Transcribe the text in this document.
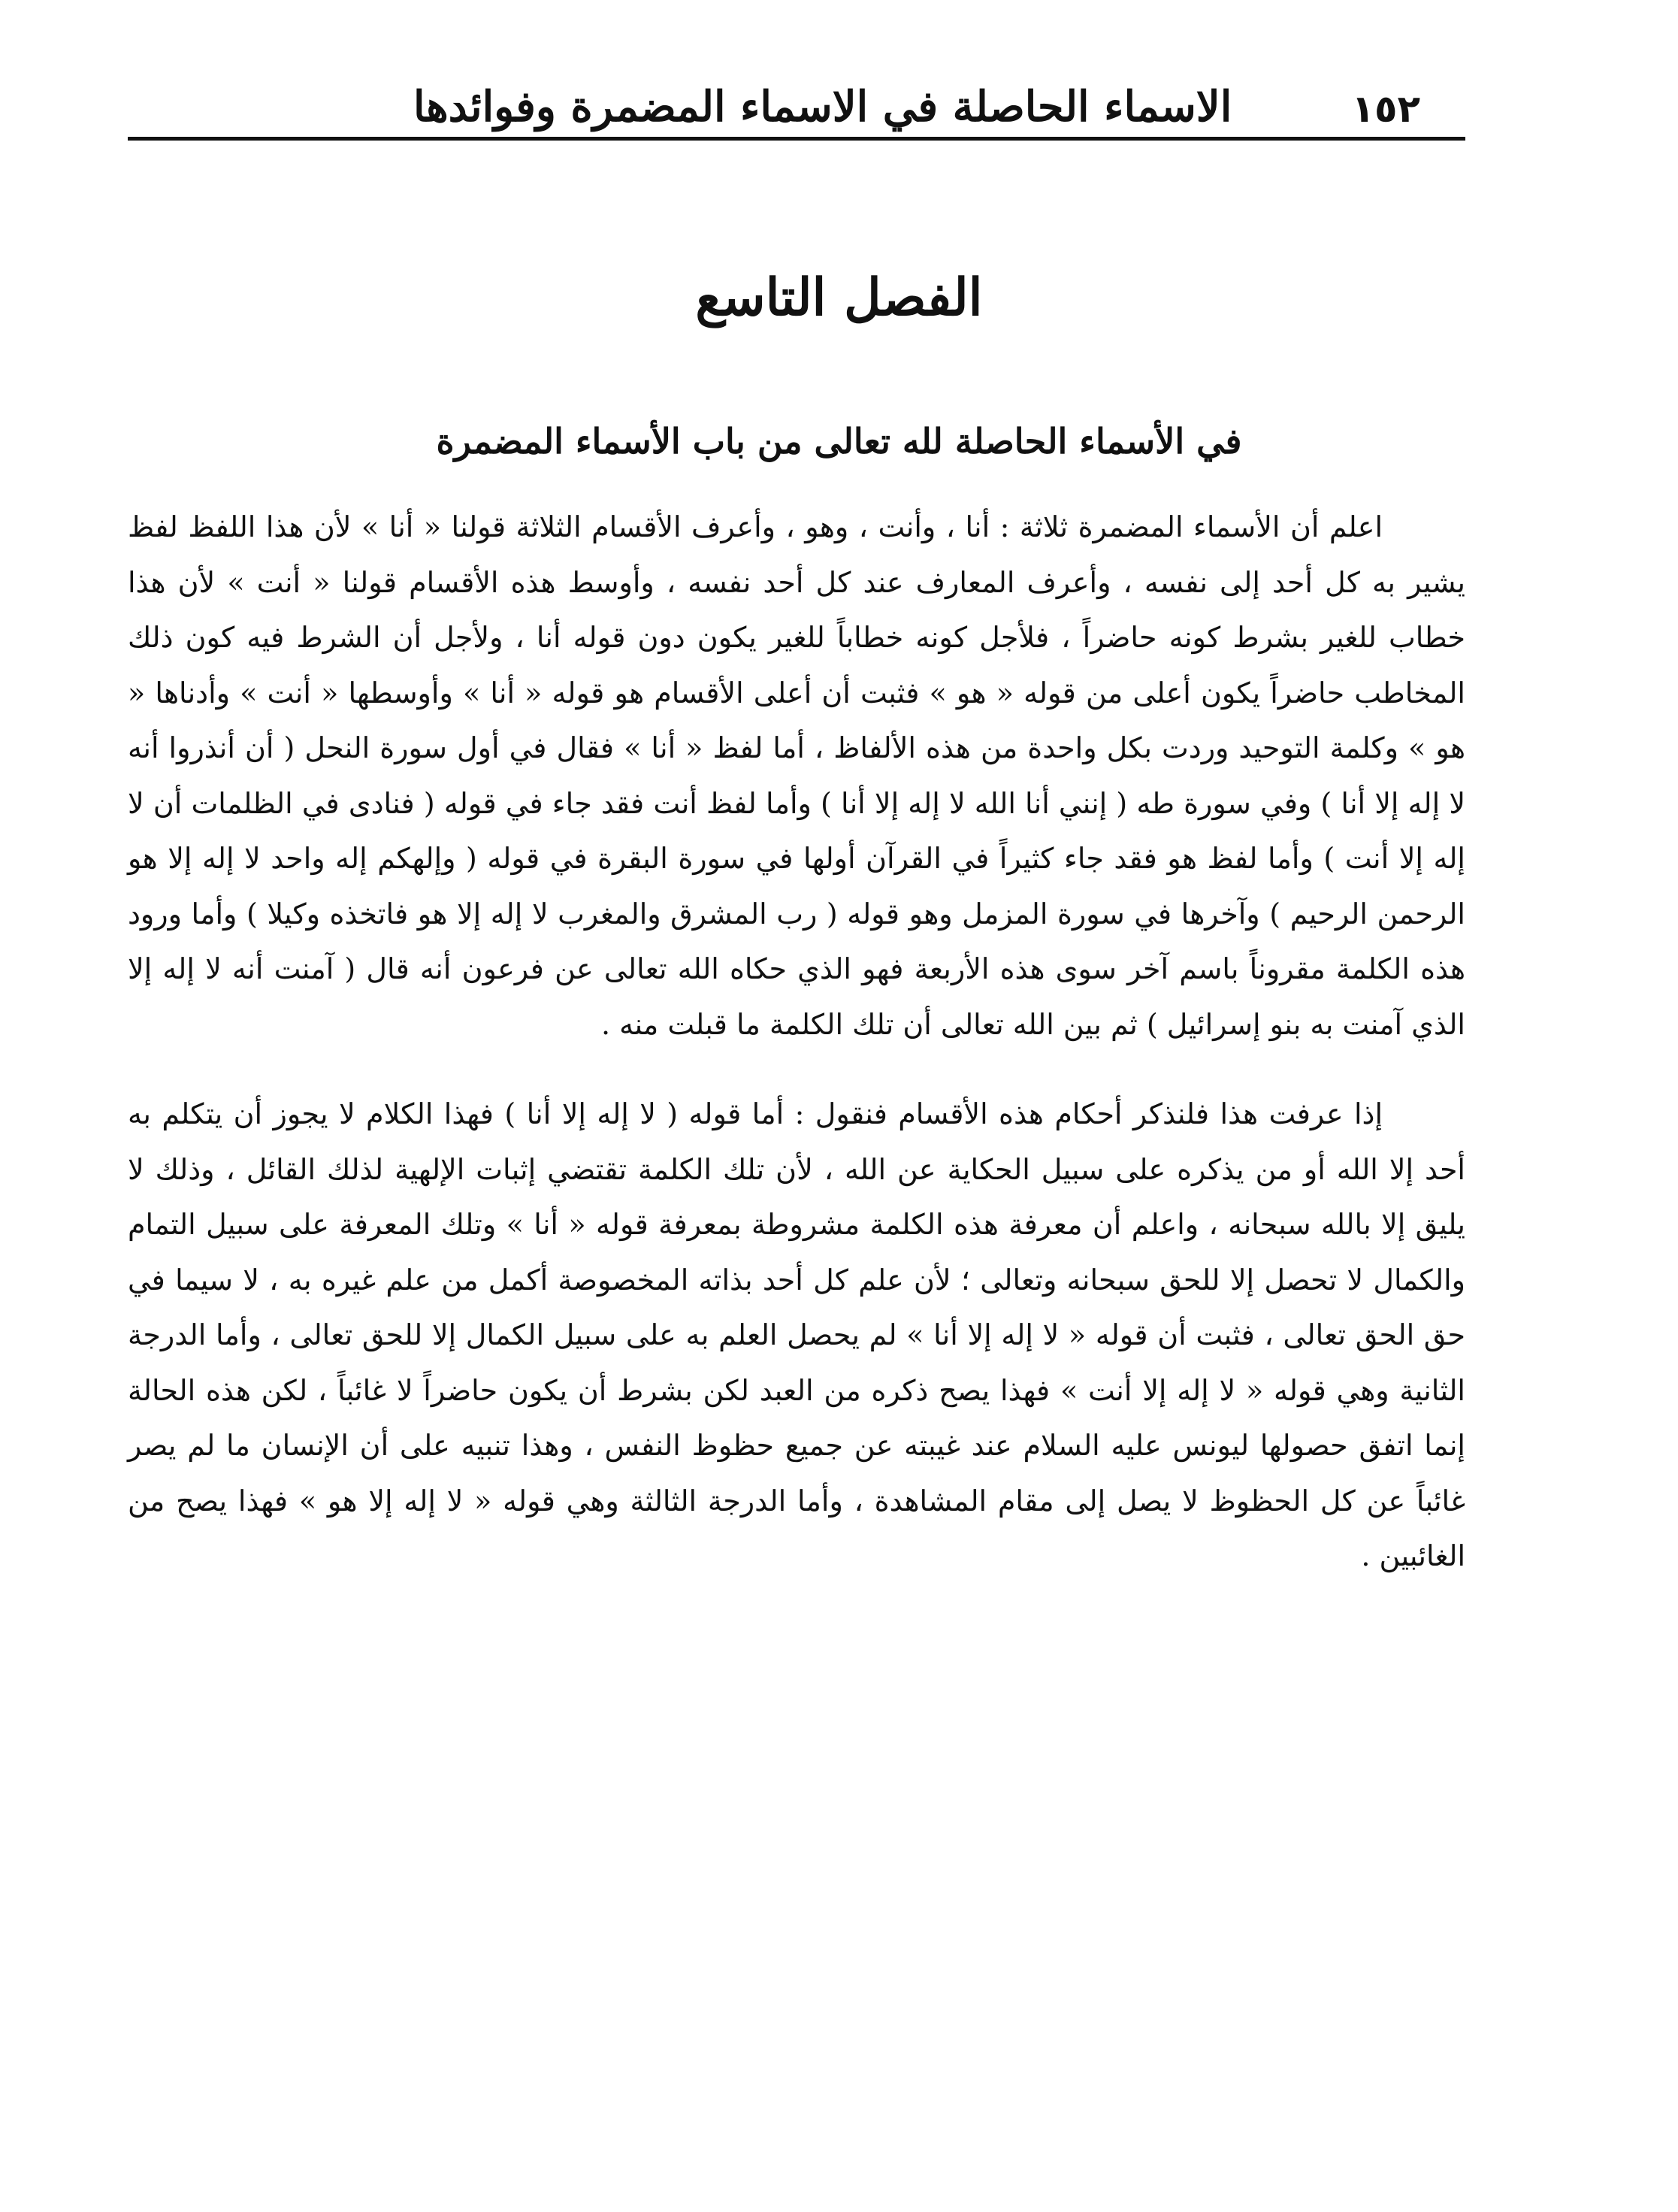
١٥٢
الاسماء الحاصلة في الاسماء المضمرة وفوائدها
الفصل التاسع
في الأسماء الحاصلة لله تعالى من باب الأسماء المضمرة

اعلم أن الأسماء المضمرة ثلاثة : أنا ، وأنت ، وهو ، وأعرف الأقسام الثلاثة قولنا « أنا » لأن هذا اللفظ لفظ يشير به كل أحد إلى نفسه ، وأعرف المعارف عند كل أحد نفسه ، وأوسط هذه الأقسام قولنا « أنت » لأن هذا خطاب للغير بشرط كونه حاضراً ، فلأجل كونه خطاباً للغير يكون دون قوله أنا ، ولأجل أن الشرط فيه كون ذلك المخاطب حاضراً يكون أعلى من قوله « هو » فثبت أن أعلى الأقسام هو قوله « أنا » وأوسطها « أنت » وأدناها « هو » وكلمة التوحيد وردت بكل واحدة من هذه الألفاظ ، أما لفظ « أنا » فقال في أول سورة النحل ( أن أنذروا أنه لا إله إلا أنا ) وفي سورة طه ( إنني أنا الله لا إله إلا أنا ) وأما لفظ أنت فقد جاء في قوله ( فنادى في الظلمات أن لا إله إلا أنت ) وأما لفظ هو فقد جاء كثيراً في القرآن أولها في سورة البقرة في قوله ( وإلهكم إله واحد لا إله إلا هو الرحمن الرحيم ) وآخرها في سورة المزمل وهو قوله ( رب المشرق والمغرب لا إله إلا هو فاتخذه وكيلا ) وأما ورود هذه الكلمة مقروناً باسم آخر سوى هذه الأربعة فهو الذي حكاه الله تعالى عن فرعون أنه قال ( آمنت أنه لا إله إلا الذي آمنت به بنو إسرائيل ) ثم بين الله تعالى أن تلك الكلمة ما قبلت منه .

إذا عرفت هذا فلنذكر أحكام هذه الأقسام فنقول : أما قوله ( لا إله إلا أنا ) فهذا الكلام لا يجوز أن يتكلم به أحد إلا الله أو من يذكره على سبيل الحكاية عن الله ، لأن تلك الكلمة تقتضي إثبات الإلهية لذلك القائل ، وذلك لا يليق إلا بالله سبحانه ، واعلم أن معرفة هذه الكلمة مشروطة بمعرفة قوله « أنا » وتلك المعرفة على سبيل التمام والكمال لا تحصل إلا للحق سبحانه وتعالى ؛ لأن علم كل أحد بذاته المخصوصة أكمل من علم غيره به ، لا سيما في حق الحق تعالى ، فثبت أن قوله « لا إله إلا أنا » لم يحصل العلم به على سبيل الكمال إلا للحق تعالى ، وأما الدرجة الثانية وهي قوله « لا إله إلا أنت » فهذا يصح ذكره من العبد لكن بشرط أن يكون حاضراً لا غائباً ، لكن هذه الحالة إنما اتفق حصولها ليونس عليه السلام عند غيبته عن جميع حظوظ النفس ، وهذا تنبيه على أن الإنسان ما لم يصر غائباً عن كل الحظوظ لا يصل إلى مقام المشاهدة ، وأما الدرجة الثالثة وهي قوله « لا إله إلا هو » فهذا يصح من الغائبين .
